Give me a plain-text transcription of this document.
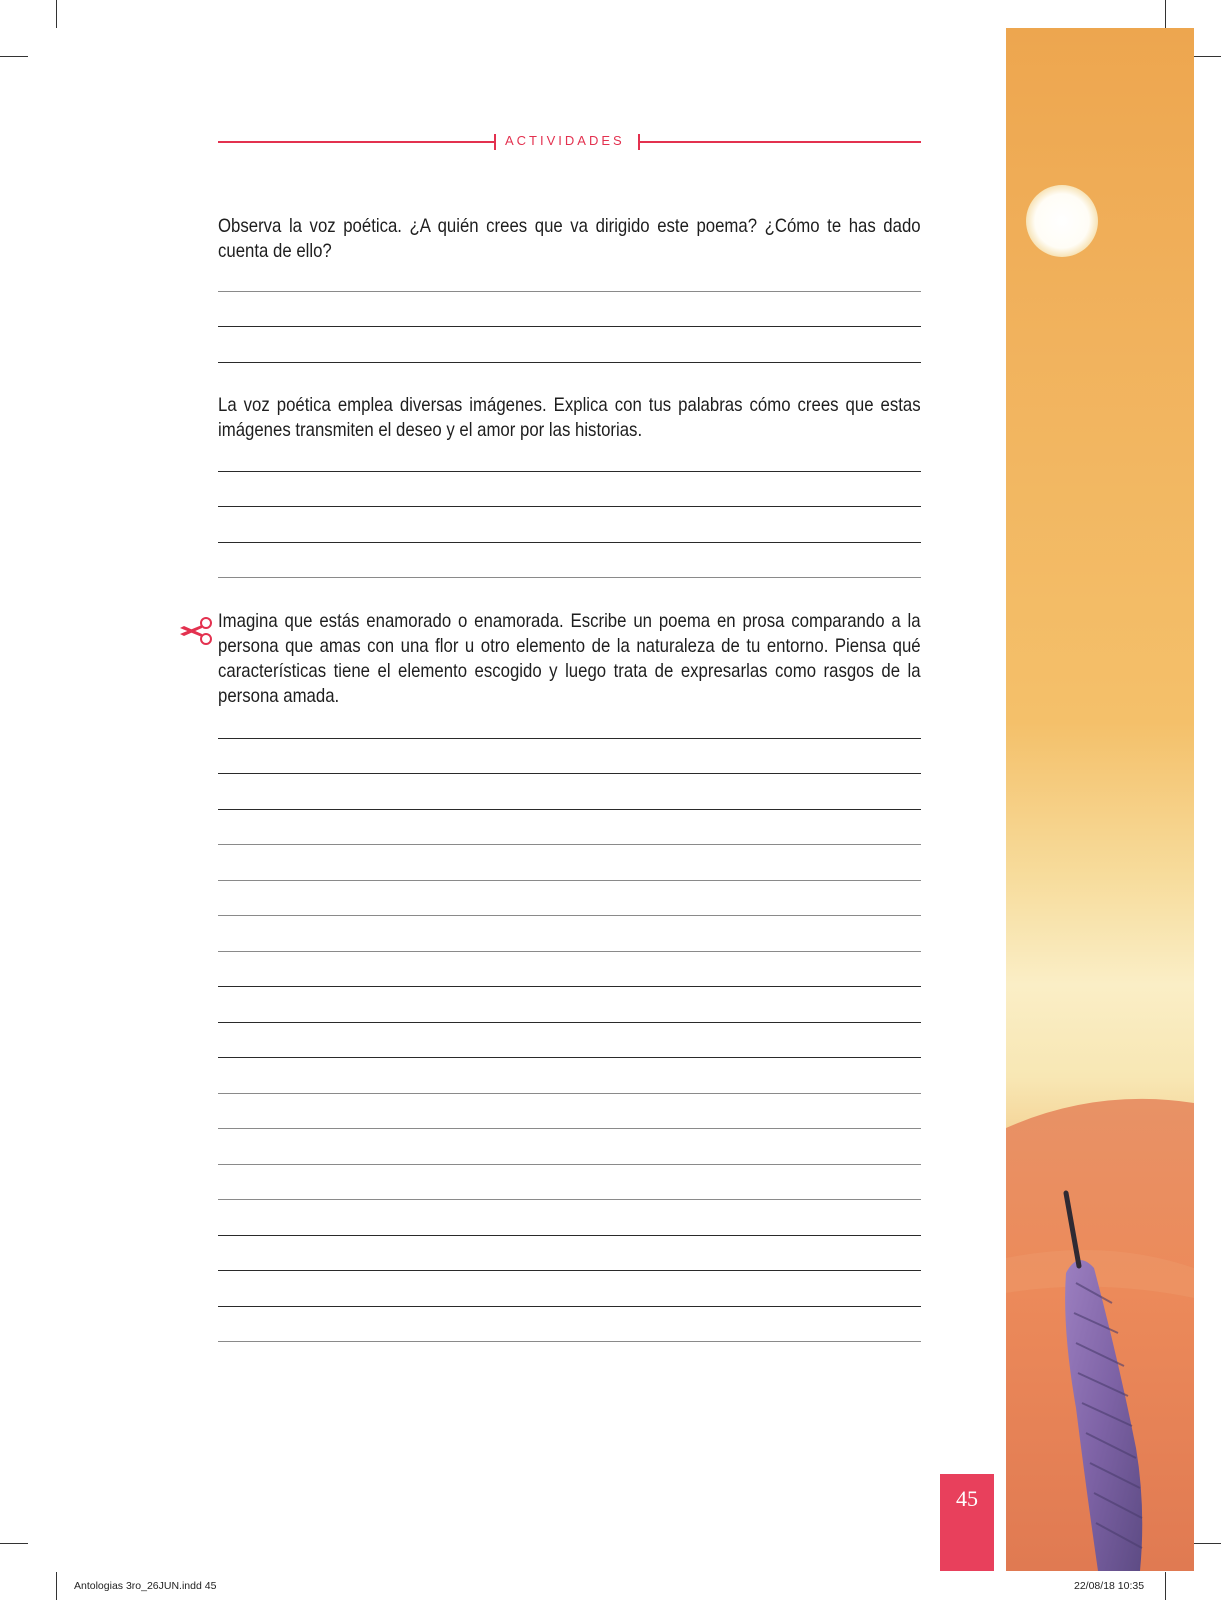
ACTIVIDADES
Observa la voz poética. ¿A quién crees que va dirigido este poema? ¿Cómo te has dado cuenta de ello?
La voz poética emplea diversas imágenes. Explica con tus palabras cómo crees que estas imágenes transmiten el deseo y el amor por las historias.
Imagina que estás enamorado o enamorada. Escribe un poema en prosa comparando a la persona que amas con una flor u otro elemento de la naturaleza de tu entorno. Piensa qué características tiene el elemento escogido y luego trata de expresarlas como rasgos de la persona amada.
45
Antologias 3ro_26JUN.indd 45	22/08/18 10:35
